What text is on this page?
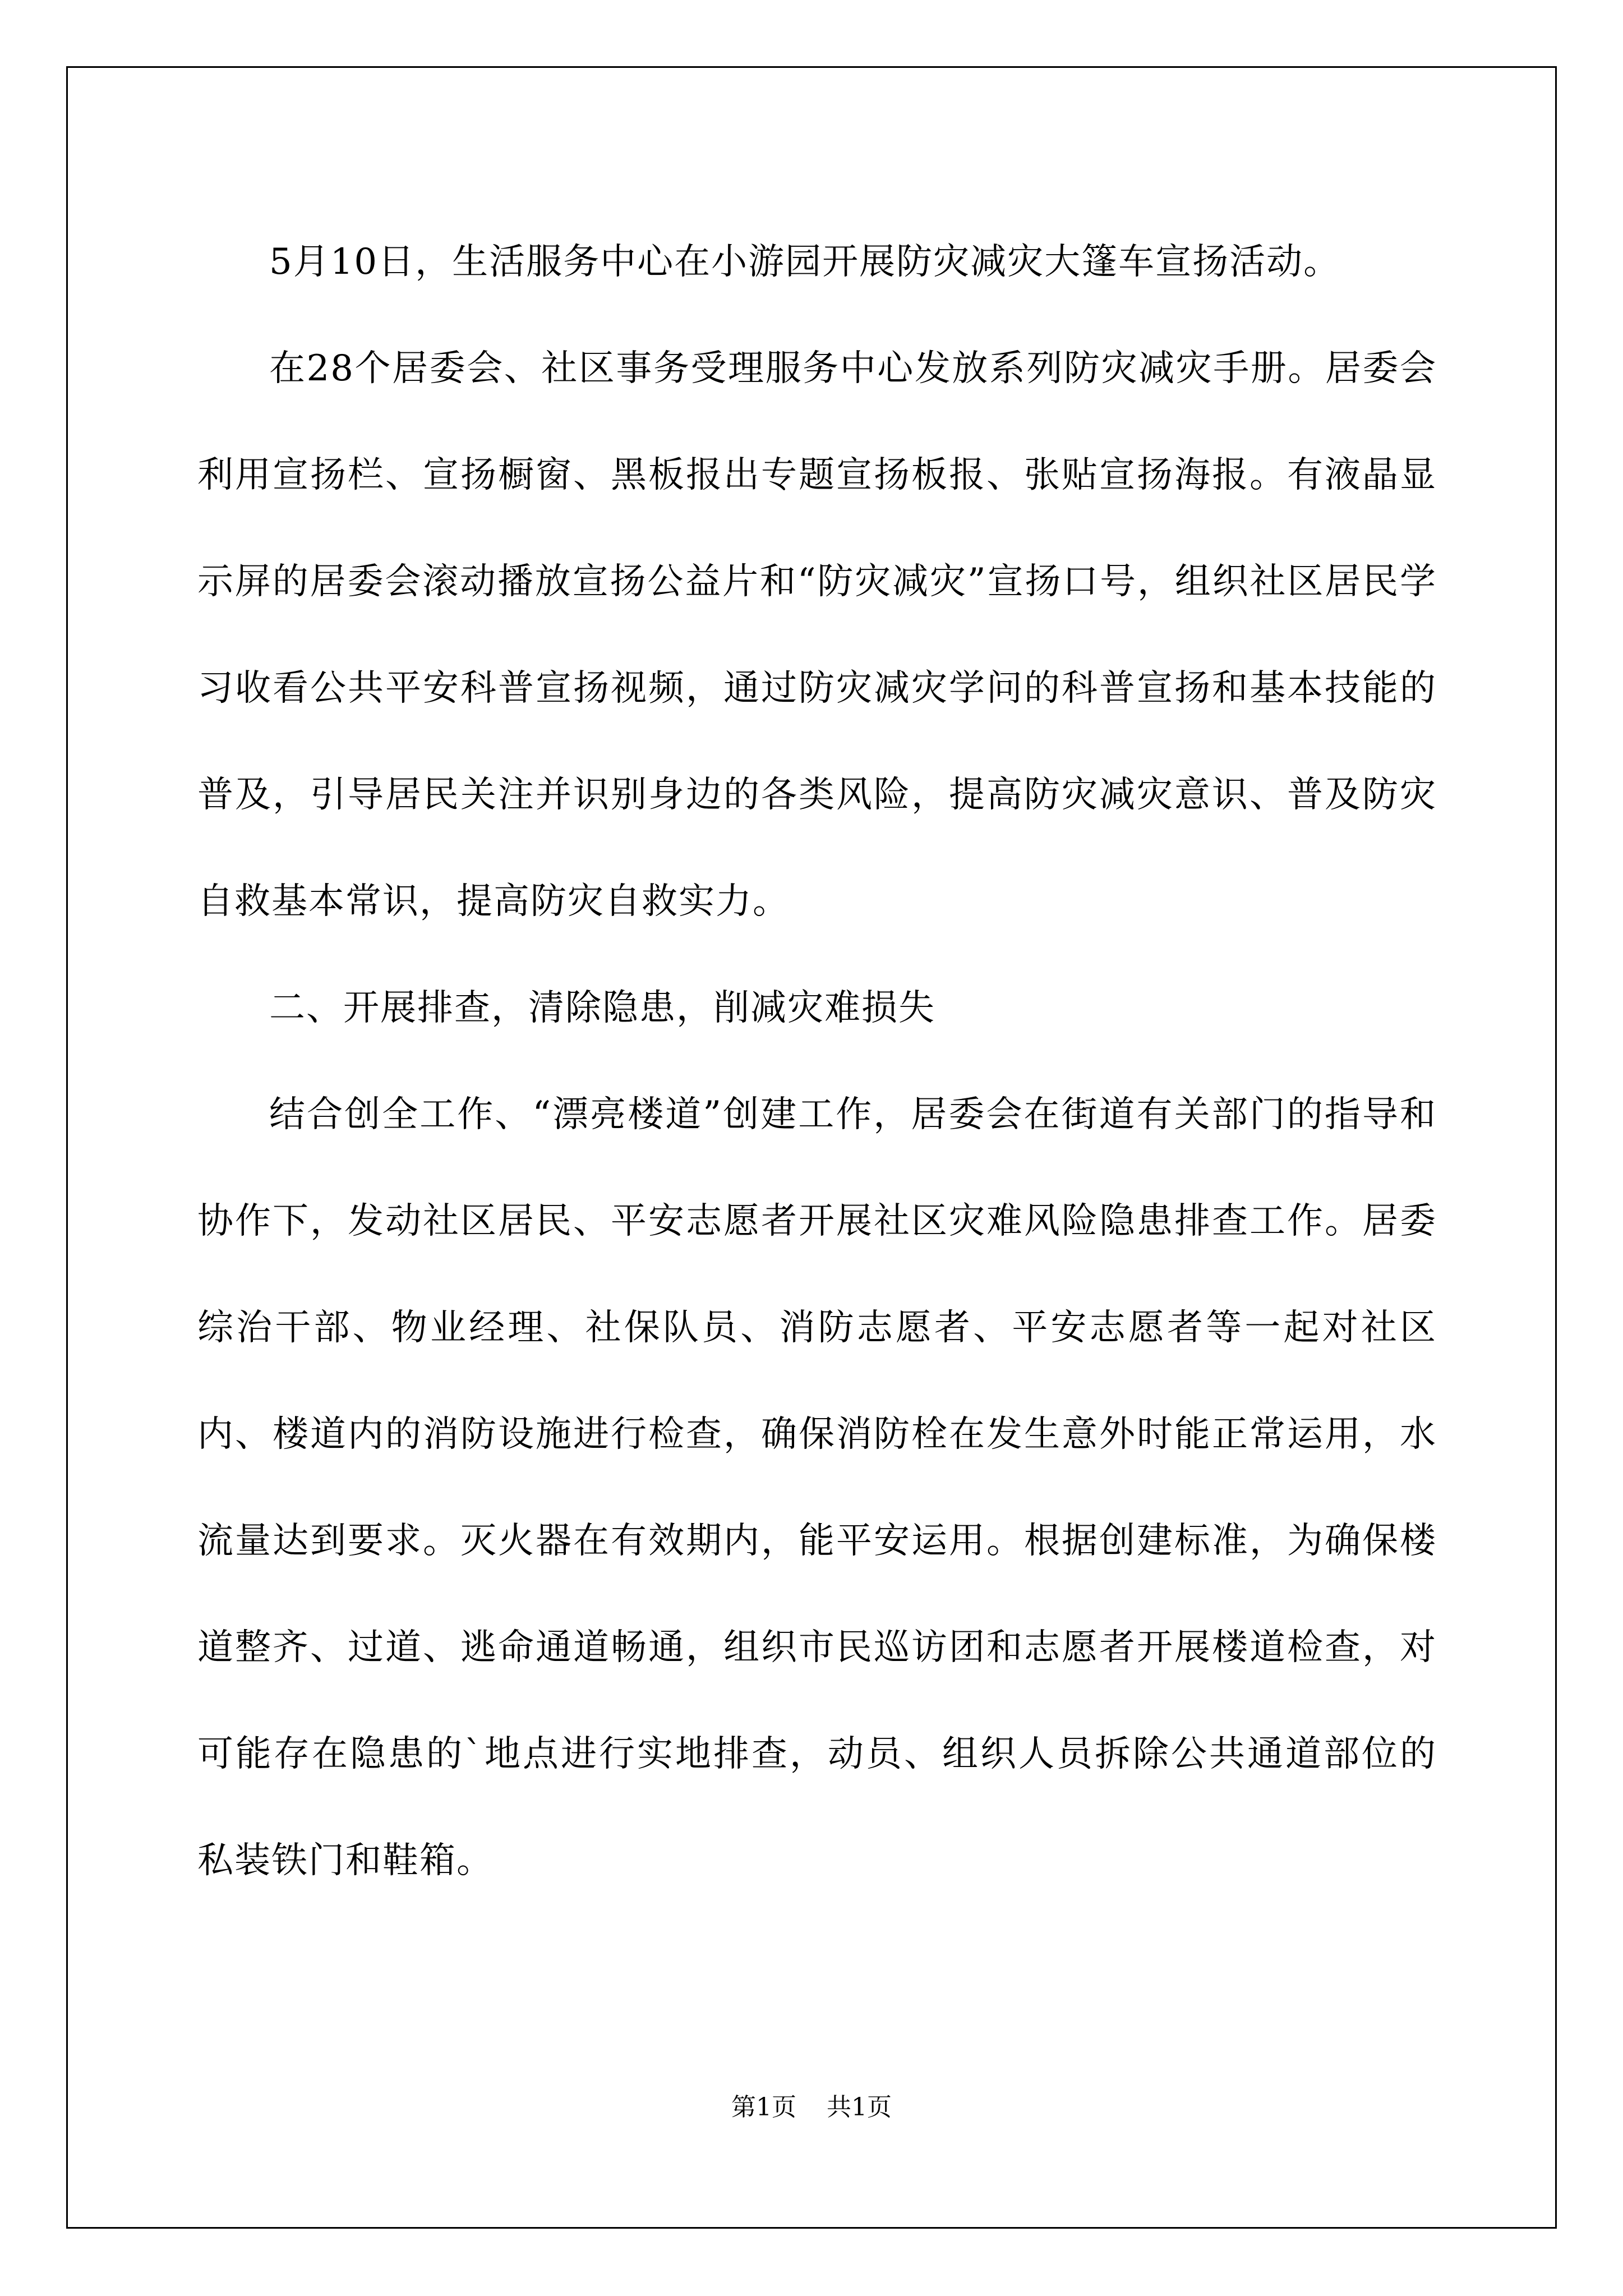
5月10日，生活服务中心在小游园开展防灾减灾大篷车宣扬活动。

在28个居委会、社区事务受理服务中心发放系列防灾减灾手册。居委会利用宣扬栏、宣扬橱窗、黑板报出专题宣扬板报、张贴宣扬海报。有液晶显示屏的居委会滚动播放宣扬公益片和“防灾减灾”宣扬口号，组织社区居民学习收看公共平安科普宣扬视频，通过防灾减灾学问的科普宣扬和基本技能的普及，引导居民关注并识别身边的各类风险，提高防灾减灾意识、普及防灾自救基本常识，提高防灾自救实力。

二、开展排查，清除隐患，削减灾难损失

结合创全工作、“漂亮楼道”创建工作，居委会在街道有关部门的指导和协作下，发动社区居民、平安志愿者开展社区灾难风险隐患排查工作。居委综治干部、物业经理、社保队员、消防志愿者、平安志愿者等一起对社区内、楼道内的消防设施进行检查，确保消防栓在发生意外时能正常运用，水流量达到要求。灭火器在有效期内，能平安运用。根据创建标准，为确保楼道整齐、过道、逃命通道畅通，组织市民巡访团和志愿者开展楼道检查，对可能存在隐患的`地点进行实地排查，动员、组织人员拆除公共通道部位的私装铁门和鞋箱。

第1页 共1页
